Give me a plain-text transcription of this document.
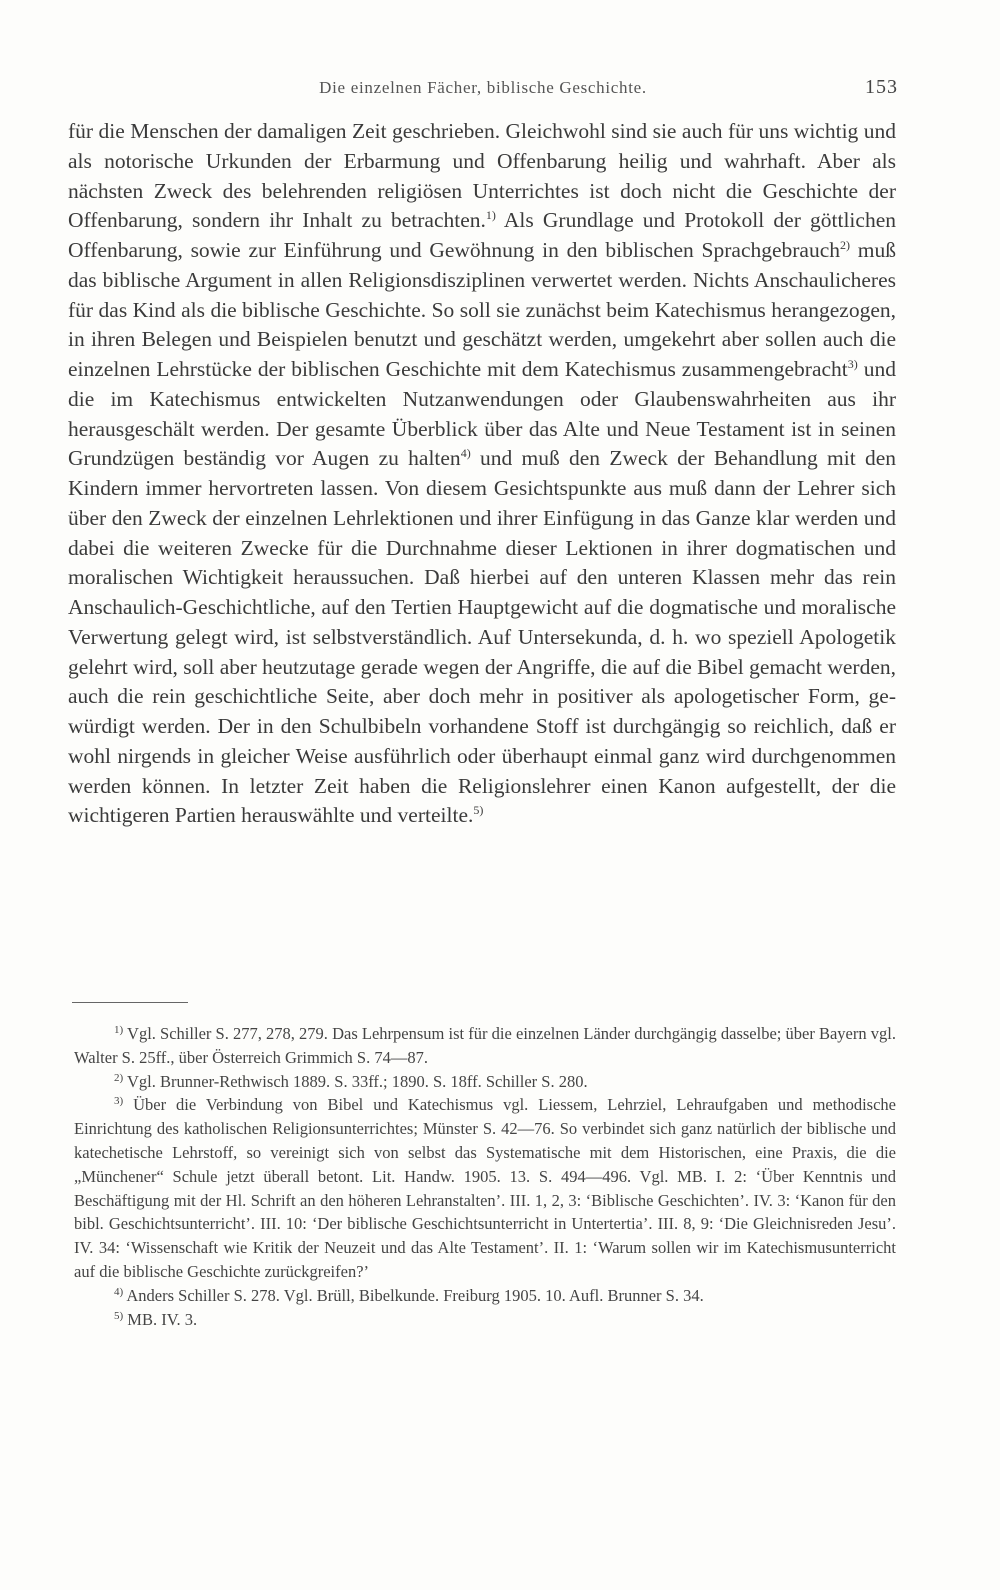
Die einzelnen Fächer, biblische Geschichte.	153

für die Menschen der damaligen Zeit geschrieben. Gleichwohl sind sie auch für uns wichtig und als notorische Urkunden der Erbarmung und Offenbarung heilig und wahrhaft. Aber als nächsten Zweck des belehrenden religiösen Unterrichtes ist doch nicht die Geschichte der Offenbarung, sondern ihr Inhalt zu betrachten.$^{1)}$ Als Grundlage und Protokoll der göttlichen Offenbarung, sowie zur Einführung und Gewöhnung in den biblischen Sprachgebrauch$^{2)}$ muß das biblische Argument in allen Religionsdisziplinen verwertet werden. Nichts Anschaulicheres für das Kind als die biblische Geschichte. So soll sie zunächst beim Katechismus herangezogen, in ihren Belegen und Beispielen benutzt und geschätzt werden, umgekehrt aber sollen auch die einzelnen Lehrstücke der biblischen Geschichte mit dem Katechismus zusammengebracht$^{3)}$ und die im Katechismus entwickelten Nutzanwendungen oder Glaubenswahrheiten aus ihr herausgeschält werden. Der gesamte Überblick über das Alte und Neue Testament ist in seinen Grundzügen beständig vor Augen zu halten$^{4)}$ und muß den Zweck der Behandlung mit den Kindern immer hervortreten lassen. Von diesem Gesichtspunkte aus muß dann der Lehrer sich über den Zweck der einzelnen Lehrlektionen und ihrer Einfügung in das Ganze klar werden und dabei die weiteren Zwecke für die Durchnahme dieser Lektionen in ihrer dogmatischen und moralischen Wichtigkeit heraussuchen. Daß hierbei auf den unteren Klassen mehr das rein Anschaulich-Geschichtliche, auf den Tertien Hauptgewicht auf die dogmatische und moralische Verwertung gelegt wird, ist selbstverständlich. Auf Untersekunda, d. h. wo speziell Apologetik gelehrt wird, soll aber heutzutage gerade wegen der Angriffe, die auf die Bibel gemacht werden, auch die rein geschichtliche Seite, aber doch mehr in positiver als apologetischer Form, gewürdigt werden. Der in den Schulbibeln vorhandene Stoff ist durchgängig so reichlich, daß er wohl nirgends in gleicher Weise ausführlich oder überhaupt einmal ganz wird durchgenommen werden können. In letzter Zeit haben die Religionslehrer einen Kanon aufgestellt, der die wichtigeren Partien herauswählte und verteilte.$^{5)}$

$^{1)}$ Vgl. Schiller S. 277, 278, 279. Das Lehrpensum ist für die einzelnen Länder durchgängig dasselbe; über Bayern vgl. Walter S. 25ff., über Österreich Grimmich S. 74—87.

$^{2)}$ Vgl. Brunner-Rethwisch 1889. S. 33ff.; 1890. S. 18ff. Schiller S. 280.

$^{3)}$ Über die Verbindung von Bibel und Katechismus vgl. Liessem, Lehrziel, Lehraufgaben und methodische Einrichtung des katholischen Religionsunterrichtes; Münster S. 42—76. So verbindet sich ganz natürlich der biblische und katechetische Lehrstoff, so vereinigt sich von selbst das Systematische mit dem Historischen, eine Praxis, die die „Münchener“ Schule jetzt überall betont. Lit. Handw. 1905. 13. S. 494—496. Vgl. MB. I. 2: ‘Über Kenntnis und Beschäftigung mit der Hl. Schrift an den höheren Lehranstalten’. III. 1, 2, 3: ‘Biblische Geschichten’. IV. 3: ‘Kanon für den bibl. Geschichtsunterricht’. III. 10: ‘Der biblische Geschichtsunterricht in Untertertia’. III. 8, 9: ‘Die Gleichnisreden Jesu’. IV. 34: ‘Wissenschaft wie Kritik der Neuzeit und das Alte Testament’. II. 1: ‘Warum sollen wir im Katechismusunterricht auf die biblische Geschichte zurückgreifen?’

$^{4)}$ Anders Schiller S. 278. Vgl. Brüll, Bibelkunde. Freiburg 1905. 10. Aufl. Brunner S. 34.

$^{5)}$ MB. IV. 3.
